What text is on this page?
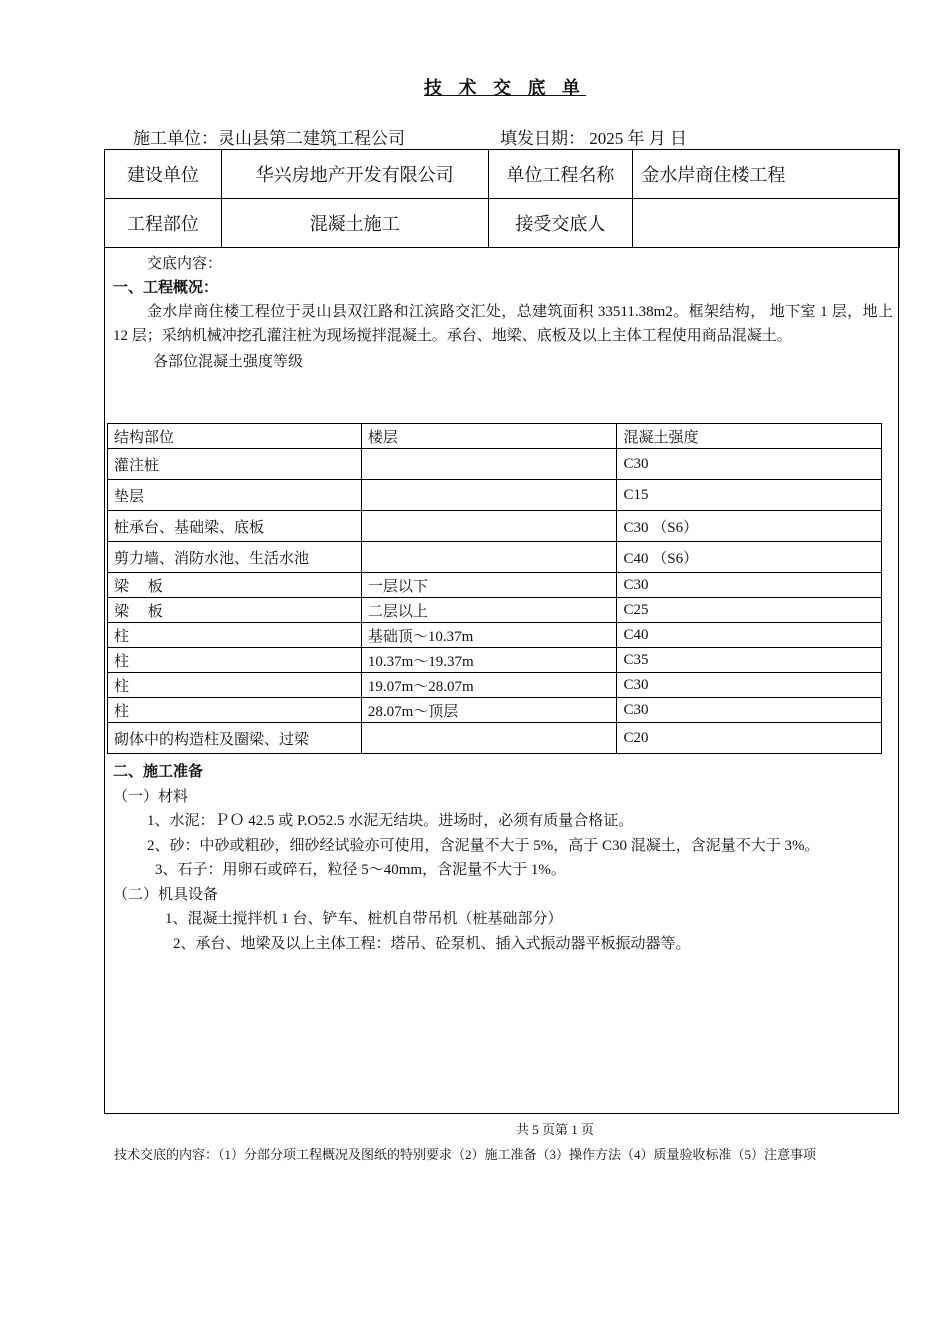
技 术 交 底 单
施工单位：灵山县第二建筑工程公司	填发日期： 2025 年 月 日
建设单位	华兴房地产开发有限公司	单位工程名称	金水岸商住楼工程
工程部位	混凝土施工	接受交底人	

交底内容：

一、工程概况：

金水岸商住楼工程位于灵山县双江路和江滨路交汇处，总建筑面积 33511.38m2。框架结构， 地下室 1 层，地上 12 层；采纳机械冲挖孔灌注桩为现场搅拌混凝土。承台、地梁、底板及以上主体工程使用商品混凝土。

各部位混凝土强度等级

结构部位	楼层	混凝土强度
灌注桩		C30
垫层		C15
桩承台、基础梁、底板		C30 （S6）
剪力墙、消防水池、生活水池		C40 （S6）
梁     板	一层以下	C30
梁     板	二层以上	C25
柱	基础顶～10.37m	C40
柱	10.37m～19.37m	C35
柱	19.07m～28.07m	C30
柱	28.07m～顶层	C30
砌体中的构造柱及圈梁、过梁		C20

二、施工准备

（一）材料

1、水泥：ＰＯ 42.5 或 P.O52.5 水泥无结块。进场时，必须有质量合格证。

2、砂：中砂或粗砂，细砂经试验亦可使用，含泥量不大于 5%，高于 C30 混凝土，含泥量不大于 3%。

3、石子：用卵石或碎石，粒径 5～40mm，含泥量不大于 1%。

（二）机具设备

1、混凝土搅拌机 1 台、铲车、桩机自带吊机（桩基础部分）

2、承台、地梁及以上主体工程：塔吊、砼泵机、插入式振动器平板振动器等。

共 5 页第 1 页
技术交底的内容：（1）分部分项工程概况及图纸的特别要求（2）施工准备（3）操作方法（4）质量验收标准（5）注意事项
